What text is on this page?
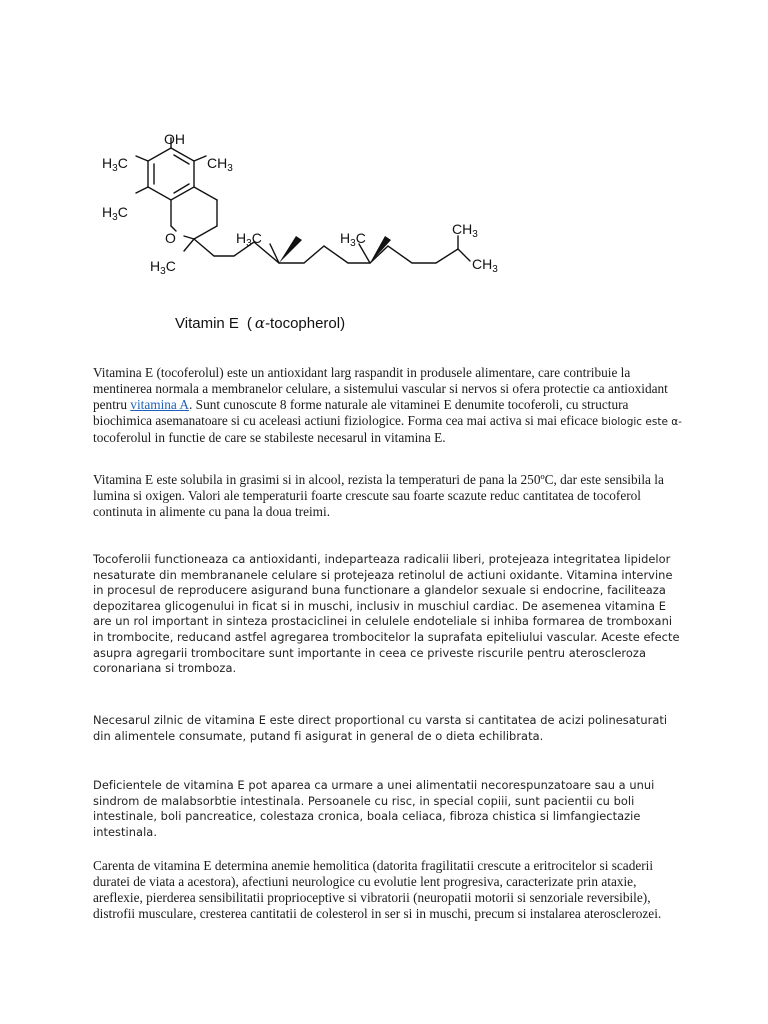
OH
$CH_3$
$H_3C$
$H_3C$
O
$H_3C$
$H_3C$	$H_3C$
$CH_3$
$CH_3$
Vitamin E ( α-tocopherol)

Vitamina E (tocoferolul) este un antioxidant larg raspandit in produsele alimentare, care contribuie la mentinerea normala a membranelor celulare, a sistemului vascular si nervos si ofera protectie ca antioxidant pentru vitamina A. Sunt cunoscute 8 forme naturale ale vitaminei E denumite tocoferoli, cu structura biochimica asemanatoare si cu aceleasi actiuni fiziologice. Forma cea mai activa si mai eficace biologic este α- tocoferolul in functie de care se stabileste necesarul in vitamina E.

Vitamina E este solubila in grasimi si in alcool, rezista la temperaturi de pana la 250ºC, dar este sensibila la lumina si oxigen. Valori ale temperaturii foarte crescute sau foarte scazute reduc cantitatea de tocoferol continuta in alimente cu pana la doua treimi.

Tocoferolii functioneaza ca antioxidanti, indeparteaza radicalii liberi, protejeaza integritatea lipidelor nesaturate din membrananele celulare si protejeaza retinolul de actiuni oxidante. Vitamina intervine in procesul de reproducere asigurand buna functionare a glandelor sexuale si endocrine, faciliteaza depozitarea glicogenului in ficat si in muschi, inclusiv in muschiul cardiac. De asemenea vitamina E are un rol important in sinteza prostaciclinei in celulele endoteliale si inhiba formarea de tromboxani in trombocite, reducand astfel agregarea trombocitelor la suprafata epiteliului vascular. Aceste efecte asupra agregarii trombocitare sunt importante in ceea ce priveste riscurile pentru ateroscleroza coronariana si tromboza.

Necesarul zilnic de vitamina E este direct proportional cu varsta si cantitatea de acizi polinesaturati din alimentele consumate, putand fi asigurat in general de o dieta echilibrata.

Deficientele de vitamina E pot aparea ca urmare a unei alimentatii necorespunzatoare sau a unui sindrom de malabsorbtie intestinala. Persoanele cu risc, in special copiii, sunt pacientii cu boli intestinale, boli pancreatice, colestaza cronica, boala celiaca, fibroza chistica si limfangiectazie intestinala.

Carenta de vitamina E determina anemie hemolitica (datorita fragilitatii crescute a eritrocitelor si scaderii duratei de viata a acestora), afectiuni neurologice cu evolutie lent progresiva, caracterizate prin ataxie, areflexie, pierderea sensibilitatii proprioceptive si vibratorii (neuropatii motorii si senzoriale reversibile), distrofii musculare, cresterea cantitatii de colesterol in ser si in muschi, precum si instalarea aterosclerozei.
